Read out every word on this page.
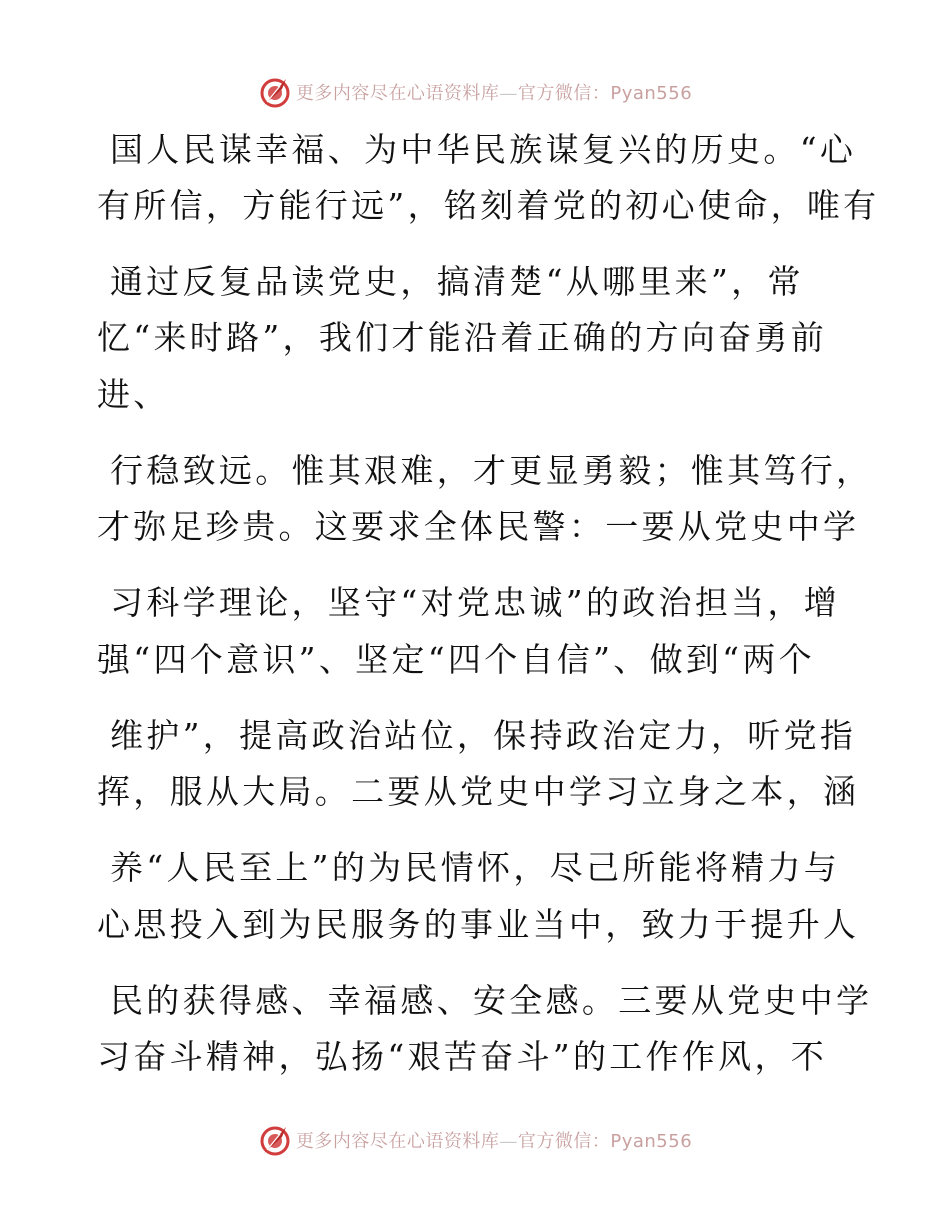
更多内容尽在心语资料库—官方微信：Pyan556
国人民谋幸福、为中华民族谋复兴的历史。“心
有所信，方能行远”，铭刻着党的初心使命，唯有
通过反复品读党史，搞清楚“从哪里来”，常
忆“来时路”，我们才能沿着正确的方向奋勇前
进、
行稳致远。惟其艰难，才更显勇毅；惟其笃行，
才弥足珍贵。这要求全体民警：一要从党史中学
习科学理论，坚守“对党忠诚”的政治担当，增
强“四个意识”、坚定“四个自信”、做到“两个
维护”，提高政治站位，保持政治定力，听党指
挥，服从大局。二要从党史中学习立身之本，涵
养“人民至上”的为民情怀，尽己所能将精力与
心思投入到为民服务的事业当中，致力于提升人
民的获得感、幸福感、安全感。三要从党史中学
习奋斗精神，弘扬“艰苦奋斗”的工作作风，不
更多内容尽在心语资料库—官方微信：Pyan556
